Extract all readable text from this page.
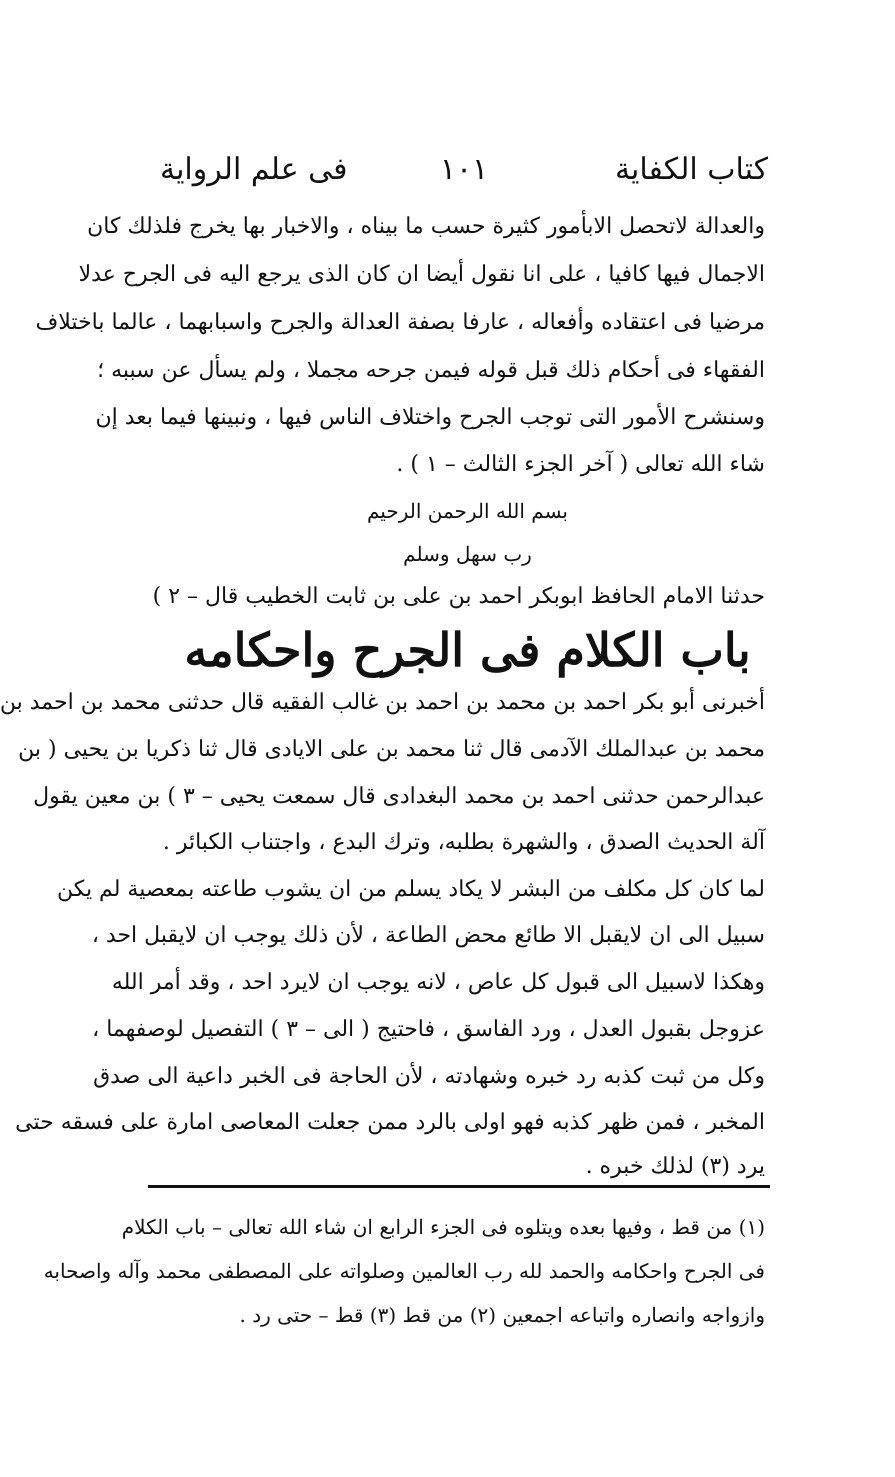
كتاب الكفاية
١٠١
فى علم الرواية
والعدالة لاتحصل الابأمور كثيرة حسب ما بيناه ، والاخبار بها يخرج فلذلك كان
الاجمال فيها كافيا ، على انا نقول أيضا ان كان الذى يرجع اليه فى الجرح عدلا
مرضيا فى اعتقاده وأفعاله ، عارفا بصفة العدالة والجرح واسبابهما ، عالما باختلاف
الفقهاء فى أحكام ذلك قبل قوله فيمن جرحه مجملا ، ولم يسأل عن سببه ؛
وسنشرح الأمور التى توجب الجرح واختلاف الناس فيها ، ونبينها فيما بعد إن
شاء الله تعالى ( آخر الجزء الثالث – ١ ) .
بسم الله الرحمن الرحيم
رب سهل وسلم
حدثنا الامام الحافظ ابوبكر احمد بن على بن ثابت الخطيب قال – ٢ )
باب الكلام فى الجرح واحكامه
أخبرنى أبو بكر احمد بن محمد بن احمد بن غالب الفقيه قال حدثنى محمد بن احمد بن
محمد بن عبدالملك الآدمى قال ثنا محمد بن على الايادى قال ثنا ذكريا بن يحيى ( بن
عبدالرحمن حدثنى احمد بن محمد البغدادى قال سمعت يحيى – ٣ ) بن معين يقول
آلة الحديث الصدق ، والشهرة بطلبه، وترك البدع ، واجتناب الكبائر .
لما كان كل مكلف من البشر لا يكاد يسلم من ان يشوب طاعته بمعصية لم يكن
سبيل الى ان لايقبل الا طائع محض الطاعة ، لأن ذلك يوجب ان لايقبل احد ،
وهكذا لاسبيل الى قبول كل عاص ، لانه يوجب ان لايرد احد ، وقد أمر الله
عزوجل بقبول العدل ، ورد الفاسق ، فاحتيج ( الى – ٣ ) التفصيل لوصفهما ،
وكل من ثبت كذبه رد خبره وشهادته ، لأن الحاجة فى الخبر داعية الى صدق
المخبر ، فمن ظهر كذبه فهو اولى بالرد ممن جعلت المعاصى امارة على فسقه حتى
يرد (٣) لذلك خبره .
(١) من قط ، وفيها بعده ويتلوه فى الجزء الرابع ان شاء الله تعالى – باب الكلام
فى الجرح واحكامه والحمد لله رب العالمين وصلواته على المصطفى محمد وآله واصحابه
وازواجه وانصاره واتباعه اجمعين (٢) من قط (٣) قط – حتى رد .
